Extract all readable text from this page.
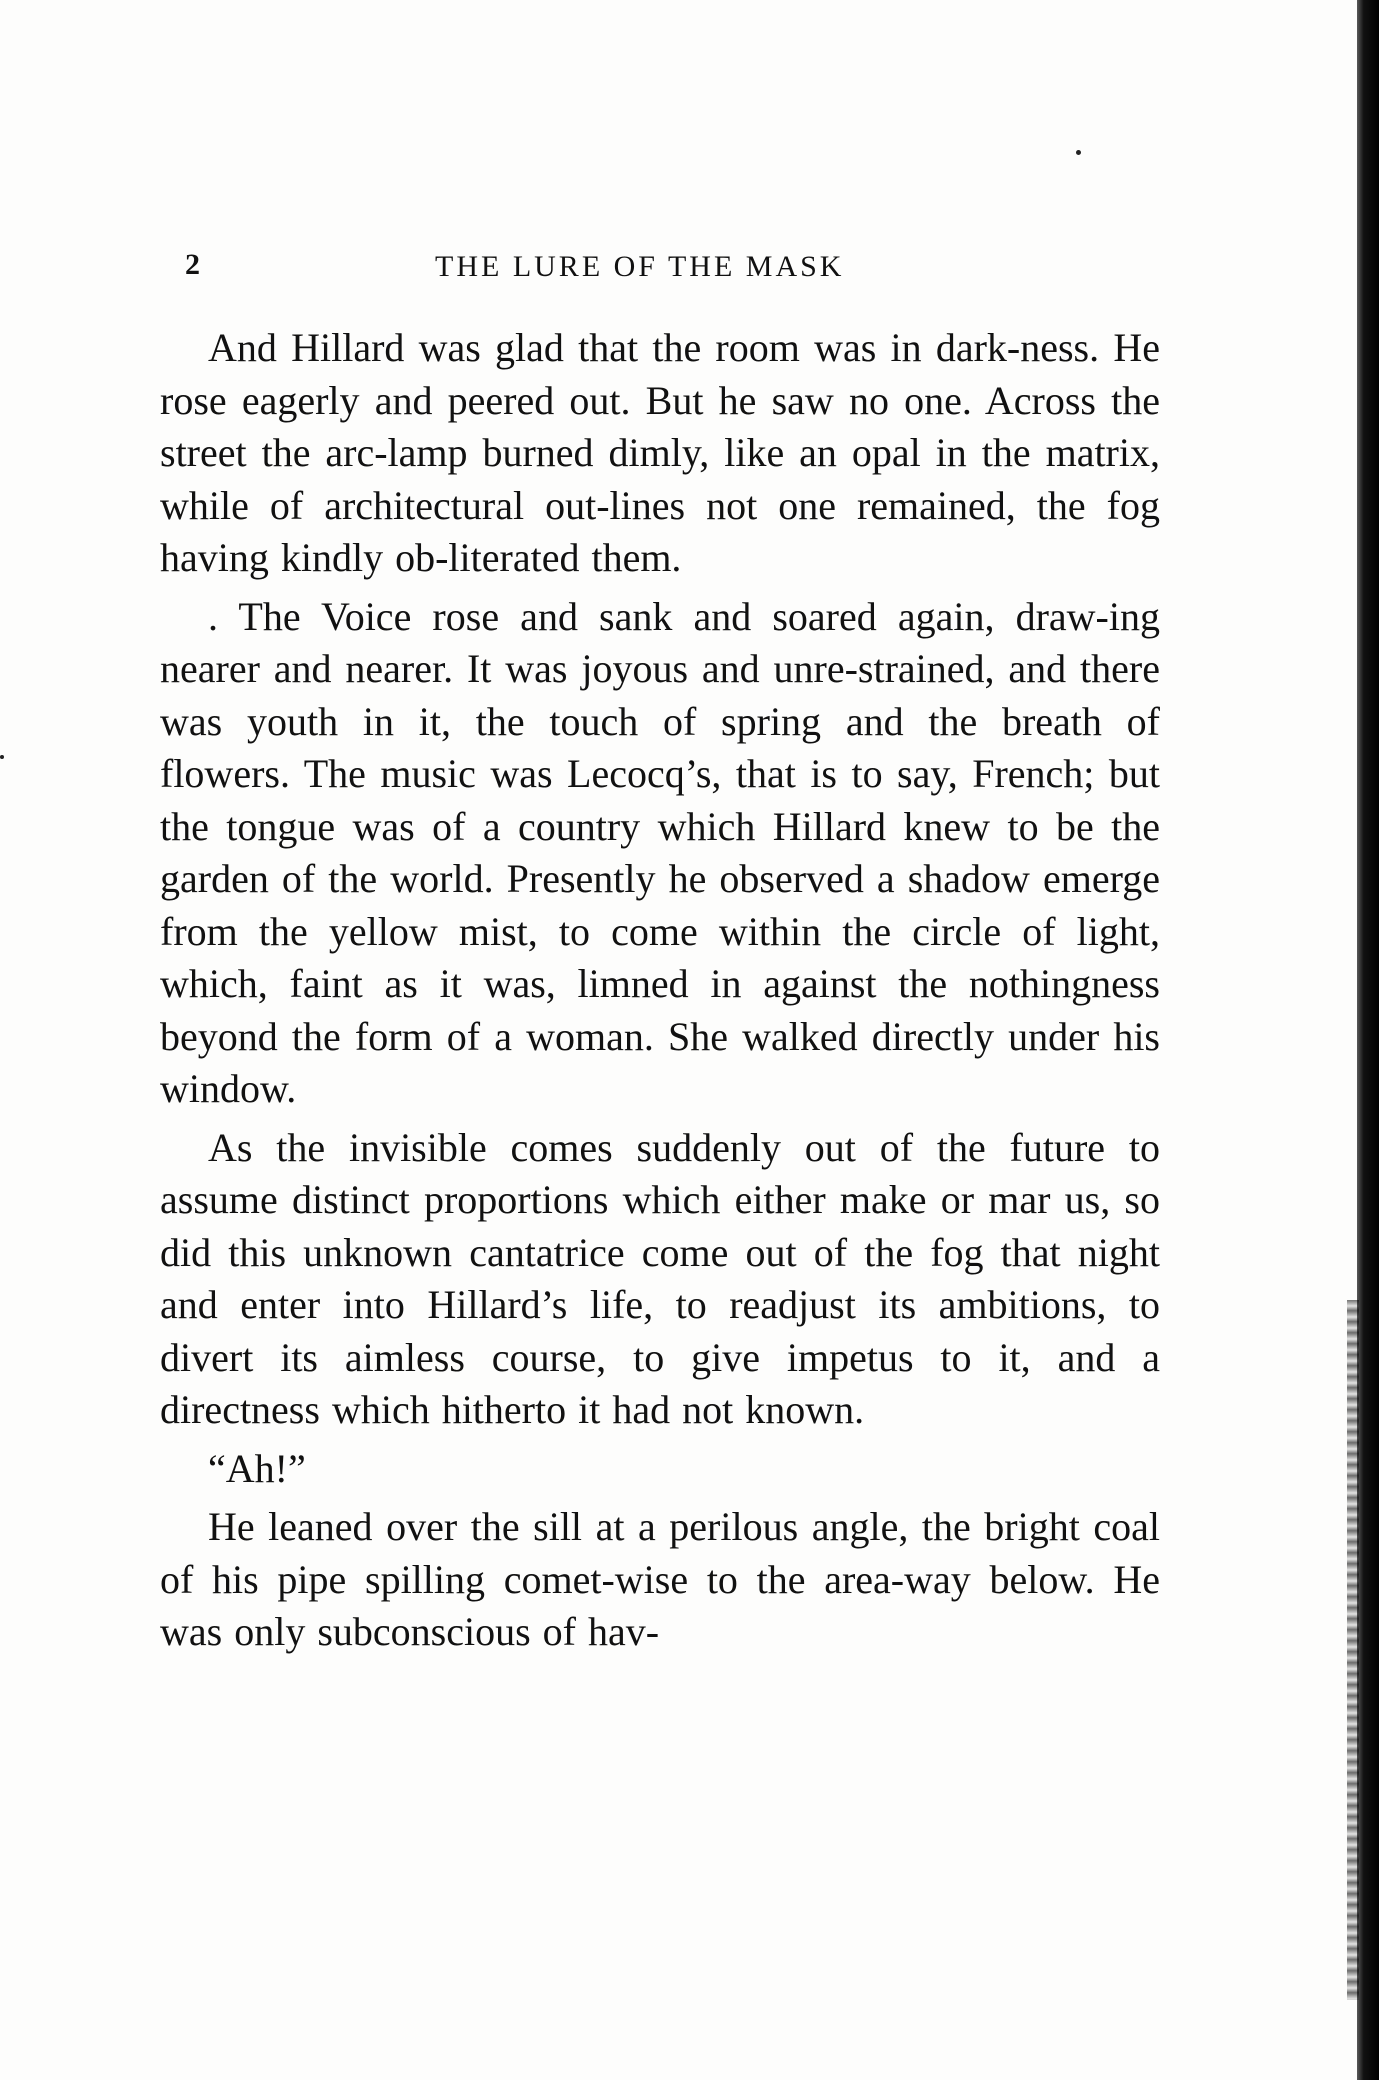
2	THE LURE OF THE MASK

And Hillard was glad that the room was in dark-ness. He rose eagerly and peered out. But he saw no one. Across the street the arc-lamp burned dimly, like an opal in the matrix, while of architectural out-lines not one remained, the fog having kindly ob-literated them.

. The Voice rose and sank and soared again, draw-ing nearer and nearer. It was joyous and unre-strained, and there was youth in it, the touch of spring and the breath of flowers. The music was Lecocq’s, that is to say, French; but the tongue was of a country which Hillard knew to be the garden of the world. Presently he observed a shadow emerge from the yellow mist, to come within the circle of light, which, faint as it was, limned in against the nothingness beyond the form of a woman. She walked directly under his window.

As the invisible comes suddenly out of the future to assume distinct proportions which either make or mar us, so did this unknown cantatrice come out of the fog that night and enter into Hillard’s life, to readjust its ambitions, to divert its aimless course, to give impetus to it, and a directness which hitherto it had not known.

“Ah!”

He leaned over the sill at a perilous angle, the bright coal of his pipe spilling comet-wise to the area-way below. He was only subconscious of hav-
